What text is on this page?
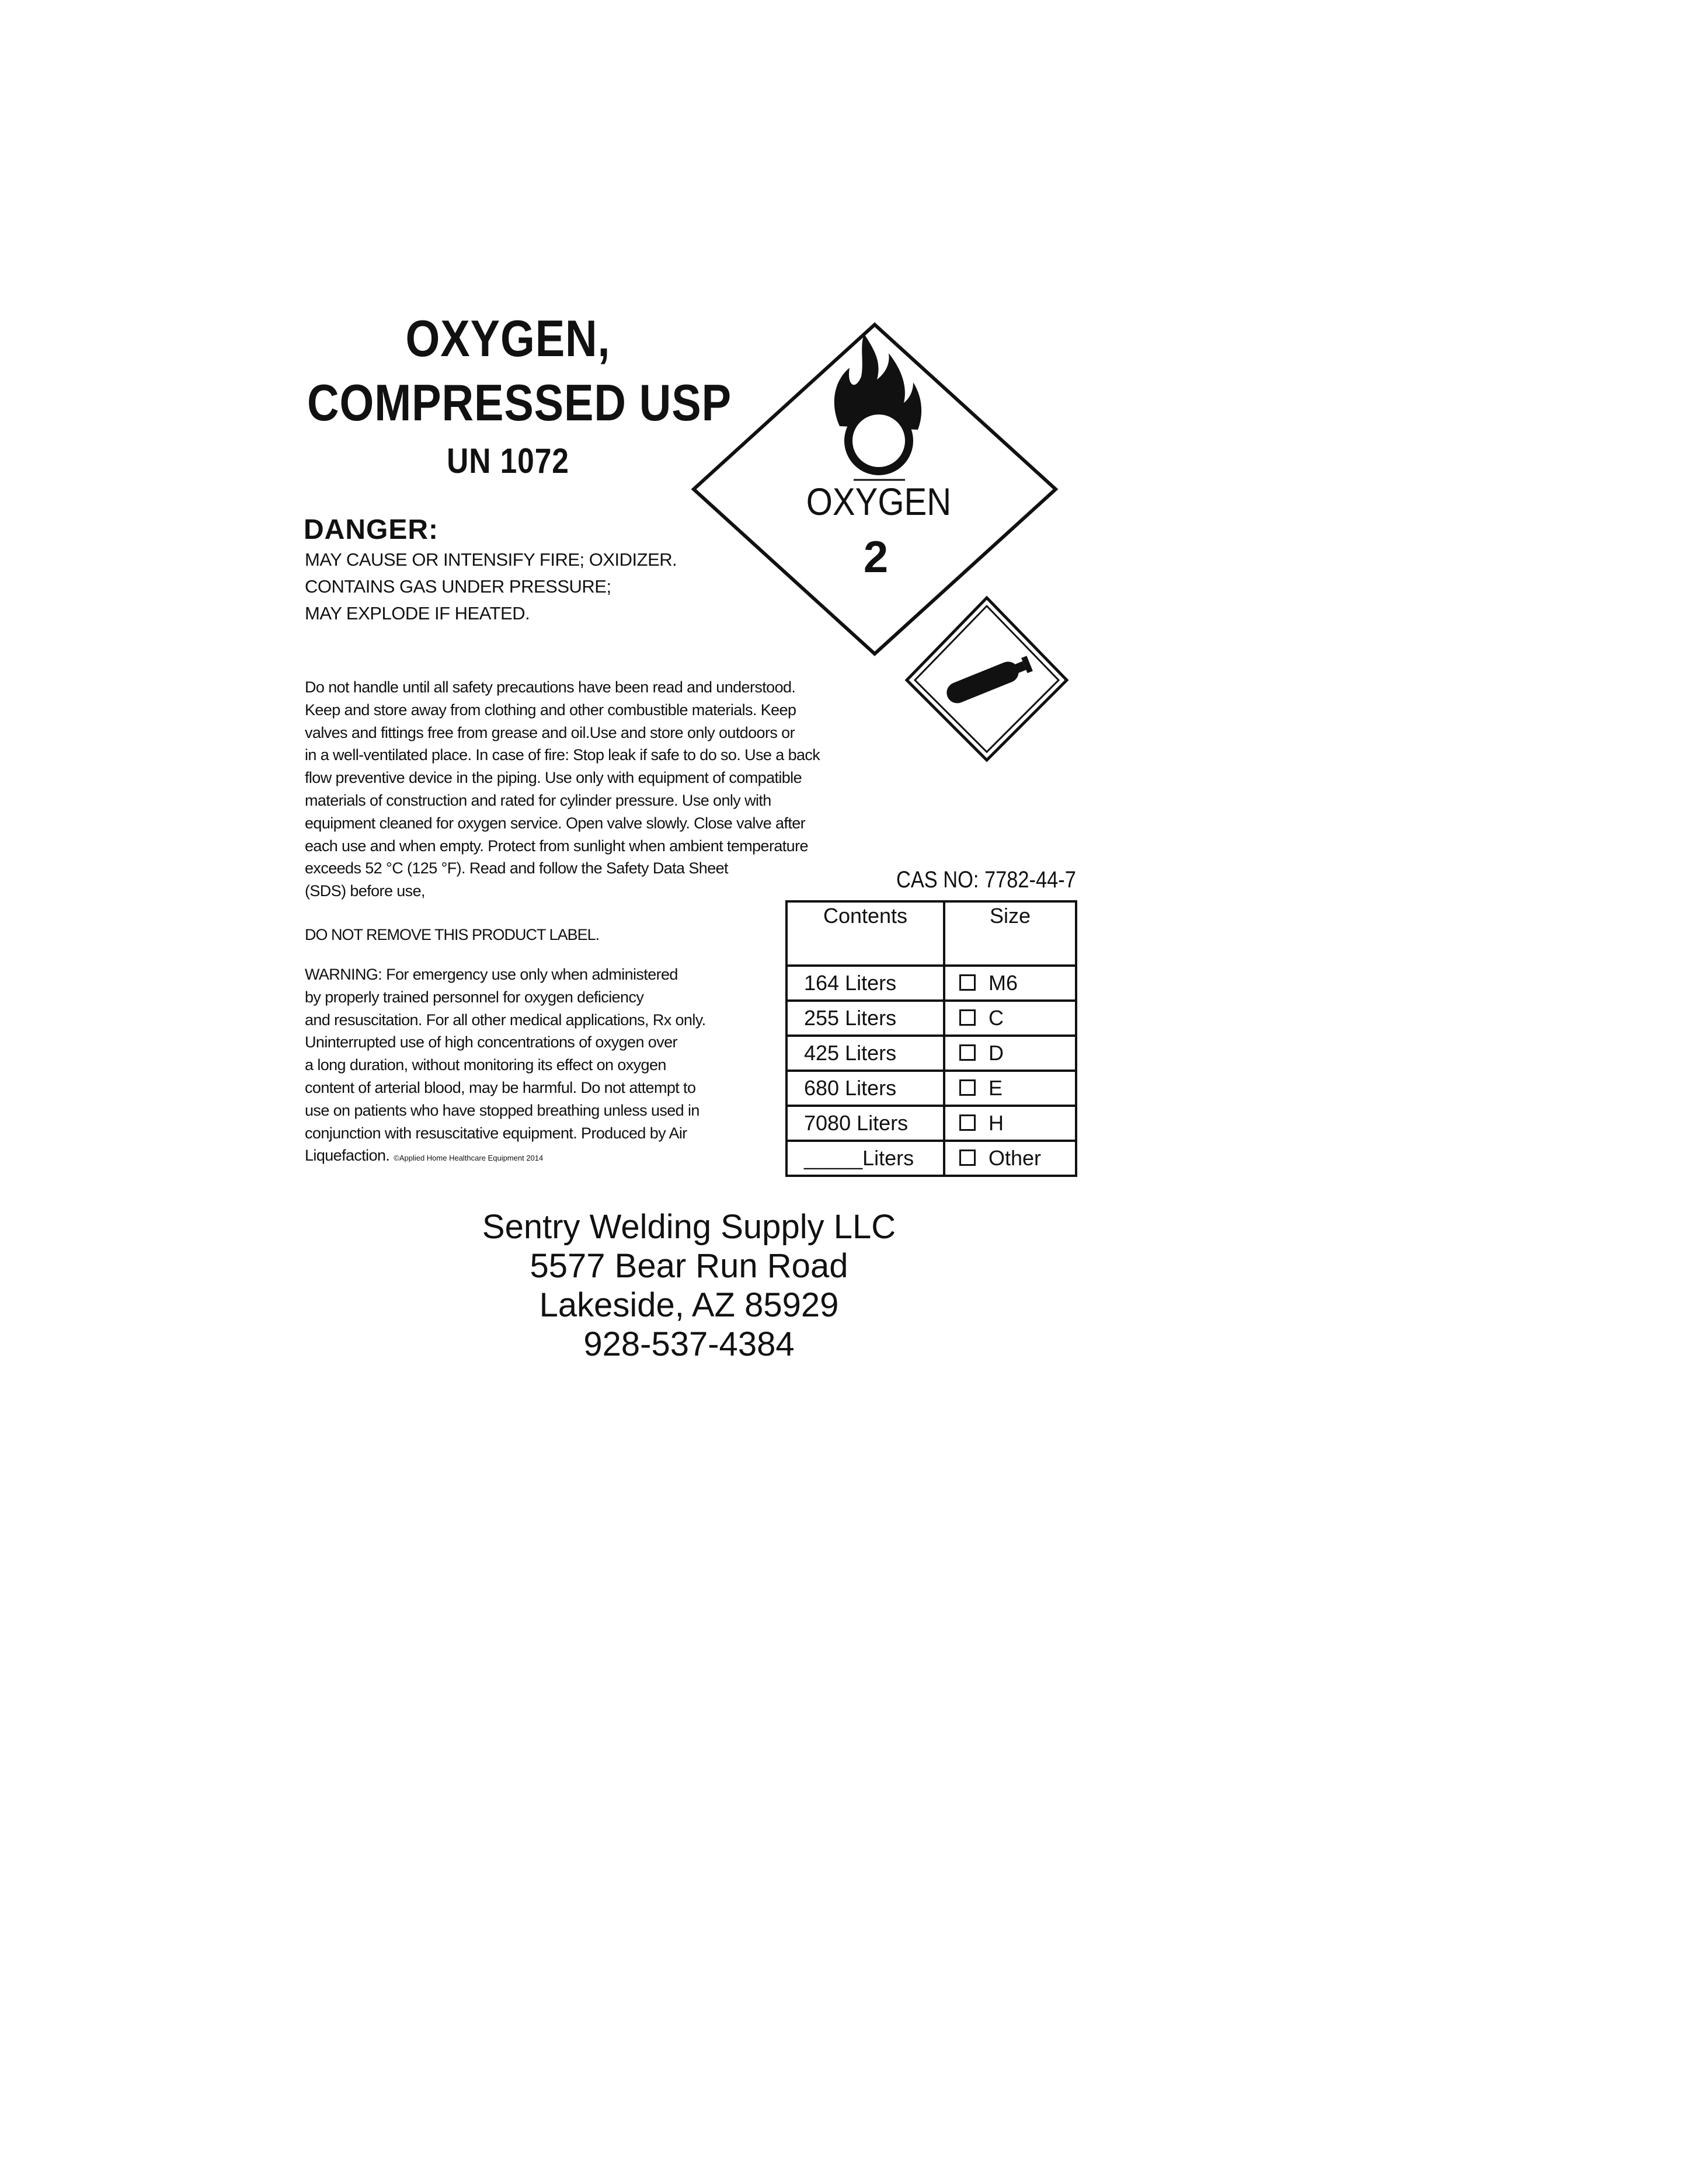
OXYGEN,
COMPRESSED USP
UN 1072
DANGER:
MAY CAUSE OR INTENSIFY FIRE; OXIDIZER.
CONTAINS GAS UNDER PRESSURE;
MAY EXPLODE IF HEATED.
OXYGEN
2
Do not handle until all safety precautions have been read and understood.
Keep and store away from clothing and other combustible materials. Keep
valves and fittings free from grease and oil.Use and store only outdoors or
in a well-ventilated place. In case of fire: Stop leak if safe to do so. Use a back
flow preventive device in the piping. Use only with equipment of compatible
materials of construction and rated for cylinder pressure. Use only with
equipment cleaned for oxygen service. Open valve slowly. Close valve after
each use and when empty. Protect from sunlight when ambient temperature
exceeds 52 °C (125 °F). Read and follow the Safety Data Sheet
(SDS) before use,	CAS NO: 7782-44-7
DO NOT REMOVE THIS PRODUCT LABEL.
WARNING: For emergency use only when administered
by properly trained personnel for oxygen deficiency
and resuscitation. For all other medical applications, Rx only.
Uninterrupted use of high concentrations of oxygen over
a long duration, without monitoring its effect on oxygen
content of arterial blood, may be harmful. Do not attempt to
use on patients who have stopped breathing unless used in
conjunction with resuscitative equipment. Produced by Air
Liquefaction. ©Applied Home Healthcare Equipment 2014
Contents	Size
164 Liters	M6
255 Liters	C
425 Liters	D
680 Liters	E
7080 Liters	H
_____Liters	Other
Sentry Welding Supply LLC
5577 Bear Run Road
Lakeside, AZ 85929
928-537-4384
